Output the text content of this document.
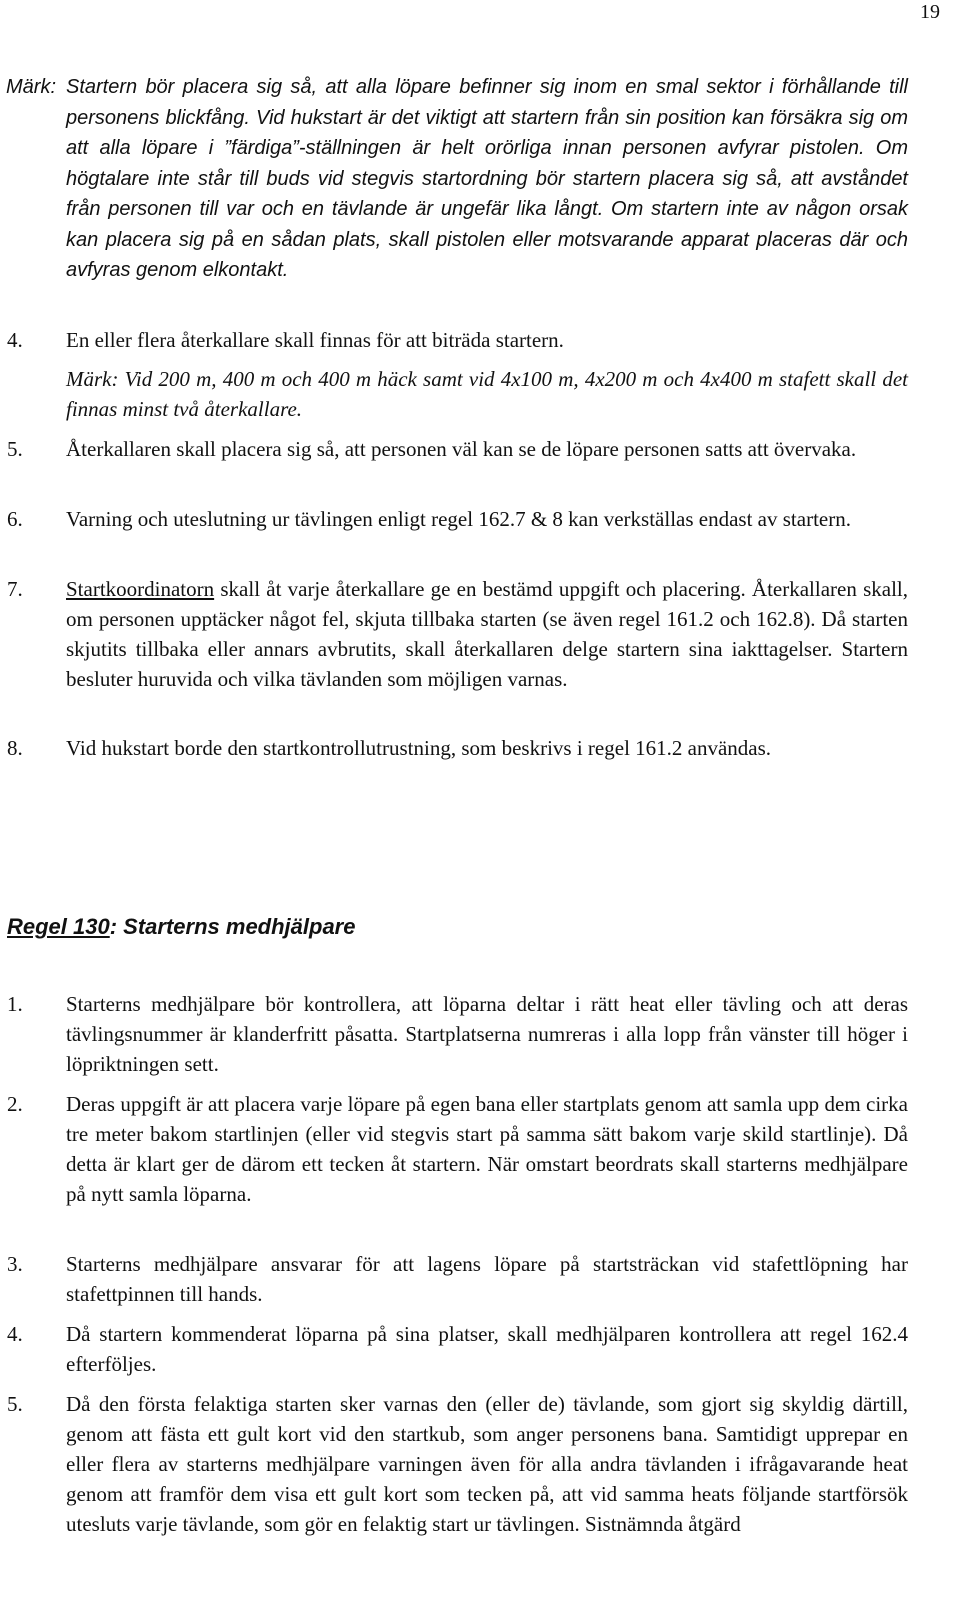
19
Märk: Startern bör placera sig så, att alla löpare befinner sig inom en smal sektor i förhållande till personens blickfång. Vid hukstart är det viktigt att startern från sin position kan försäkra sig om att alla löpare i ”färdiga”-ställningen är helt orörliga innan personen avfyrar pistolen. Om högtalare inte står till buds vid stegvis startordning bör startern placera sig så, att avståndet från personen till var och en tävlande är ungefär lika långt. Om startern inte av någon orsak kan placera sig på en sådan plats, skall pistolen eller motsvarande apparat placeras där och avfyras genom elkontakt.
4. En eller flera återkallare skall finnas för att biträda startern.
Märk: Vid 200 m, 400 m och 400 m häck samt vid 4x100 m, 4x200 m och 4x400 m stafett skall det finnas minst två återkallare.
5. Återkallaren skall placera sig så, att personen väl kan se de löpare personen satts att övervaka.
6. Varning och uteslutning ur tävlingen enligt regel 162.7 & 8 kan verkställas endast av startern.
7. Startkoordinatorn skall åt varje återkallare ge en bestämd uppgift och placering. Återkallaren skall, om personen upptäcker något fel, skjuta tillbaka starten (se även regel 161.2 och 162.8). Då starten skjutits tillbaka eller annars avbrutits, skall återkallaren delge startern sina iakttagelser. Startern besluter huruvida och vilka tävlanden som möjligen varnas.
8. Vid hukstart borde den startkontrollutrustning, som beskrivs i regel 161.2 användas.
Regel 130: Starterns medhjälpare
1. Starterns medhjälpare bör kontrollera, att löparna deltar i rätt heat eller tävling och att deras tävlingsnummer är klanderfritt påsatta. Startplatserna numreras i alla lopp från vänster till höger i löpriktningen sett.
2. Deras uppgift är att placera varje löpare på egen bana eller startplats genom att samla upp dem cirka tre meter bakom startlinjen (eller vid stegvis start på samma sätt bakom varje skild startlinje). Då detta är klart ger de därom ett tecken åt startern. När omstart beordrats skall starterns medhjälpare på nytt samla löparna.
3. Starterns medhjälpare ansvarar för att lagens löpare på startsträckan vid stafettlöpning har stafettpinnen till hands.
4. Då startern kommenderat löparna på sina platser, skall medhjälparen kontrollera att regel 162.4 efterföljes.
5. Då den första felaktiga starten sker varnas den (eller de) tävlande, som gjort sig skyldig därtill, genom att fästa ett gult kort vid den startkub, som anger personens bana. Samtidigt upprepar en eller flera av starterns medhjälpare varningen även för alla andra tävlanden i ifrågavarande heat genom att framför dem visa ett gult kort som tecken på, att vid samma heats följande startförsök utesluts varje tävlande, som gör en felaktig start ur tävlingen. Sistnämnda åtgärd
